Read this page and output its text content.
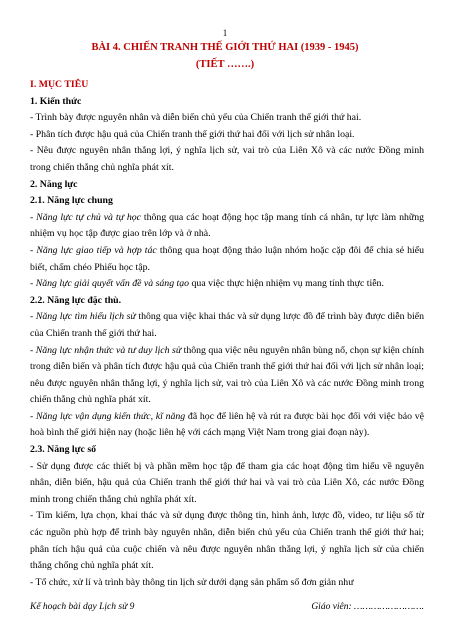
1
BÀI 4. CHIẾN TRANH THẾ GIỚI THỨ HAI (1939 - 1945)
(TIẾT …….)

I. MỤC TIÊU

1. Kiến thức

- Trình bày được nguyên nhân và diễn biến chủ yếu của Chiến tranh thế giới thứ hai.

- Phân tích được hậu quả của Chiến tranh thế giới thứ hai đối với lịch sử nhân loại.

- Nêu được nguyên nhân thắng lợi, ý nghĩa lịch sử, vai trò của Liên Xô và các nước Đồng minh trong chiến thắng chủ nghĩa phát xít.

2. Năng lực

2.1. Năng lực chung

- Năng lực tự chủ và tự học thông qua các hoạt động học tập mang tính cá nhân, tự lực làm những nhiệm vụ học tập được giao trên lớp và ở nhà.

- Năng lực giao tiếp và hợp tác thông qua hoạt động thảo luận nhóm hoặc cặp đôi để chia sẻ hiểu biết, chấm chéo Phiếu học tập.

- Năng lực giải quyết vấn đề và sáng tạo qua việc thực hiện nhiệm vụ mang tính thực tiễn.

2.2. Năng lực đặc thù.

- Năng lực tìm hiểu lịch sử thông qua việc khai thác và sử dụng lược đồ để trình bày được diễn biến của Chiến tranh thế giới thứ hai.

- Năng lực nhận thức và tư duy lịch sử thông qua việc nêu nguyên nhân bùng nổ, chọn sự kiện chính trong diễn biến và phân tích được hậu quả của Chiến tranh thế giới thứ hai đối với lịch sử nhân loại; nêu được nguyên nhân thắng lợi, ý nghĩa lịch sử, vai trò của Liên Xô và các nước Đồng minh trong chiến thắng chủ nghĩa phát xít.

- Năng lực vận dụng kiến thức, kĩ năng đã học để liên hệ và rút ra được bài học đối với việc bảo vệ hoà bình thế giới hiện nay (hoặc liên hệ với cách mạng Việt Nam trong giai đoạn này).

2.3. Năng lực số

- Sử dụng được các thiết bị và phần mềm học tập để tham gia các hoạt động tìm hiểu về nguyên nhân, diễn biến, hậu quả của Chiến tranh thế giới thứ hai và vai trò của Liên Xô, các nước Đồng minh trong chiến thắng chủ nghĩa phát xít.

- Tìm kiếm, lựa chọn, khai thác và sử dụng được thông tin, hình ảnh, lược đồ, video, tư liệu số từ các nguồn phù hợp để trình bày nguyên nhân, diễn biến chủ yếu của Chiến tranh thế giới thứ hai; phân tích hậu quả của cuộc chiến và nêu được nguyên nhân thắng lợi, ý nghĩa lịch sử của chiến thắng chống chủ nghĩa phát xít.

- Tổ chức, xử lí và trình bày thông tin lịch sử dưới dạng sản phẩm số đơn giản như

Kế hoạch bài dạy Lịch sử 9	Giáo viên: …………………….
